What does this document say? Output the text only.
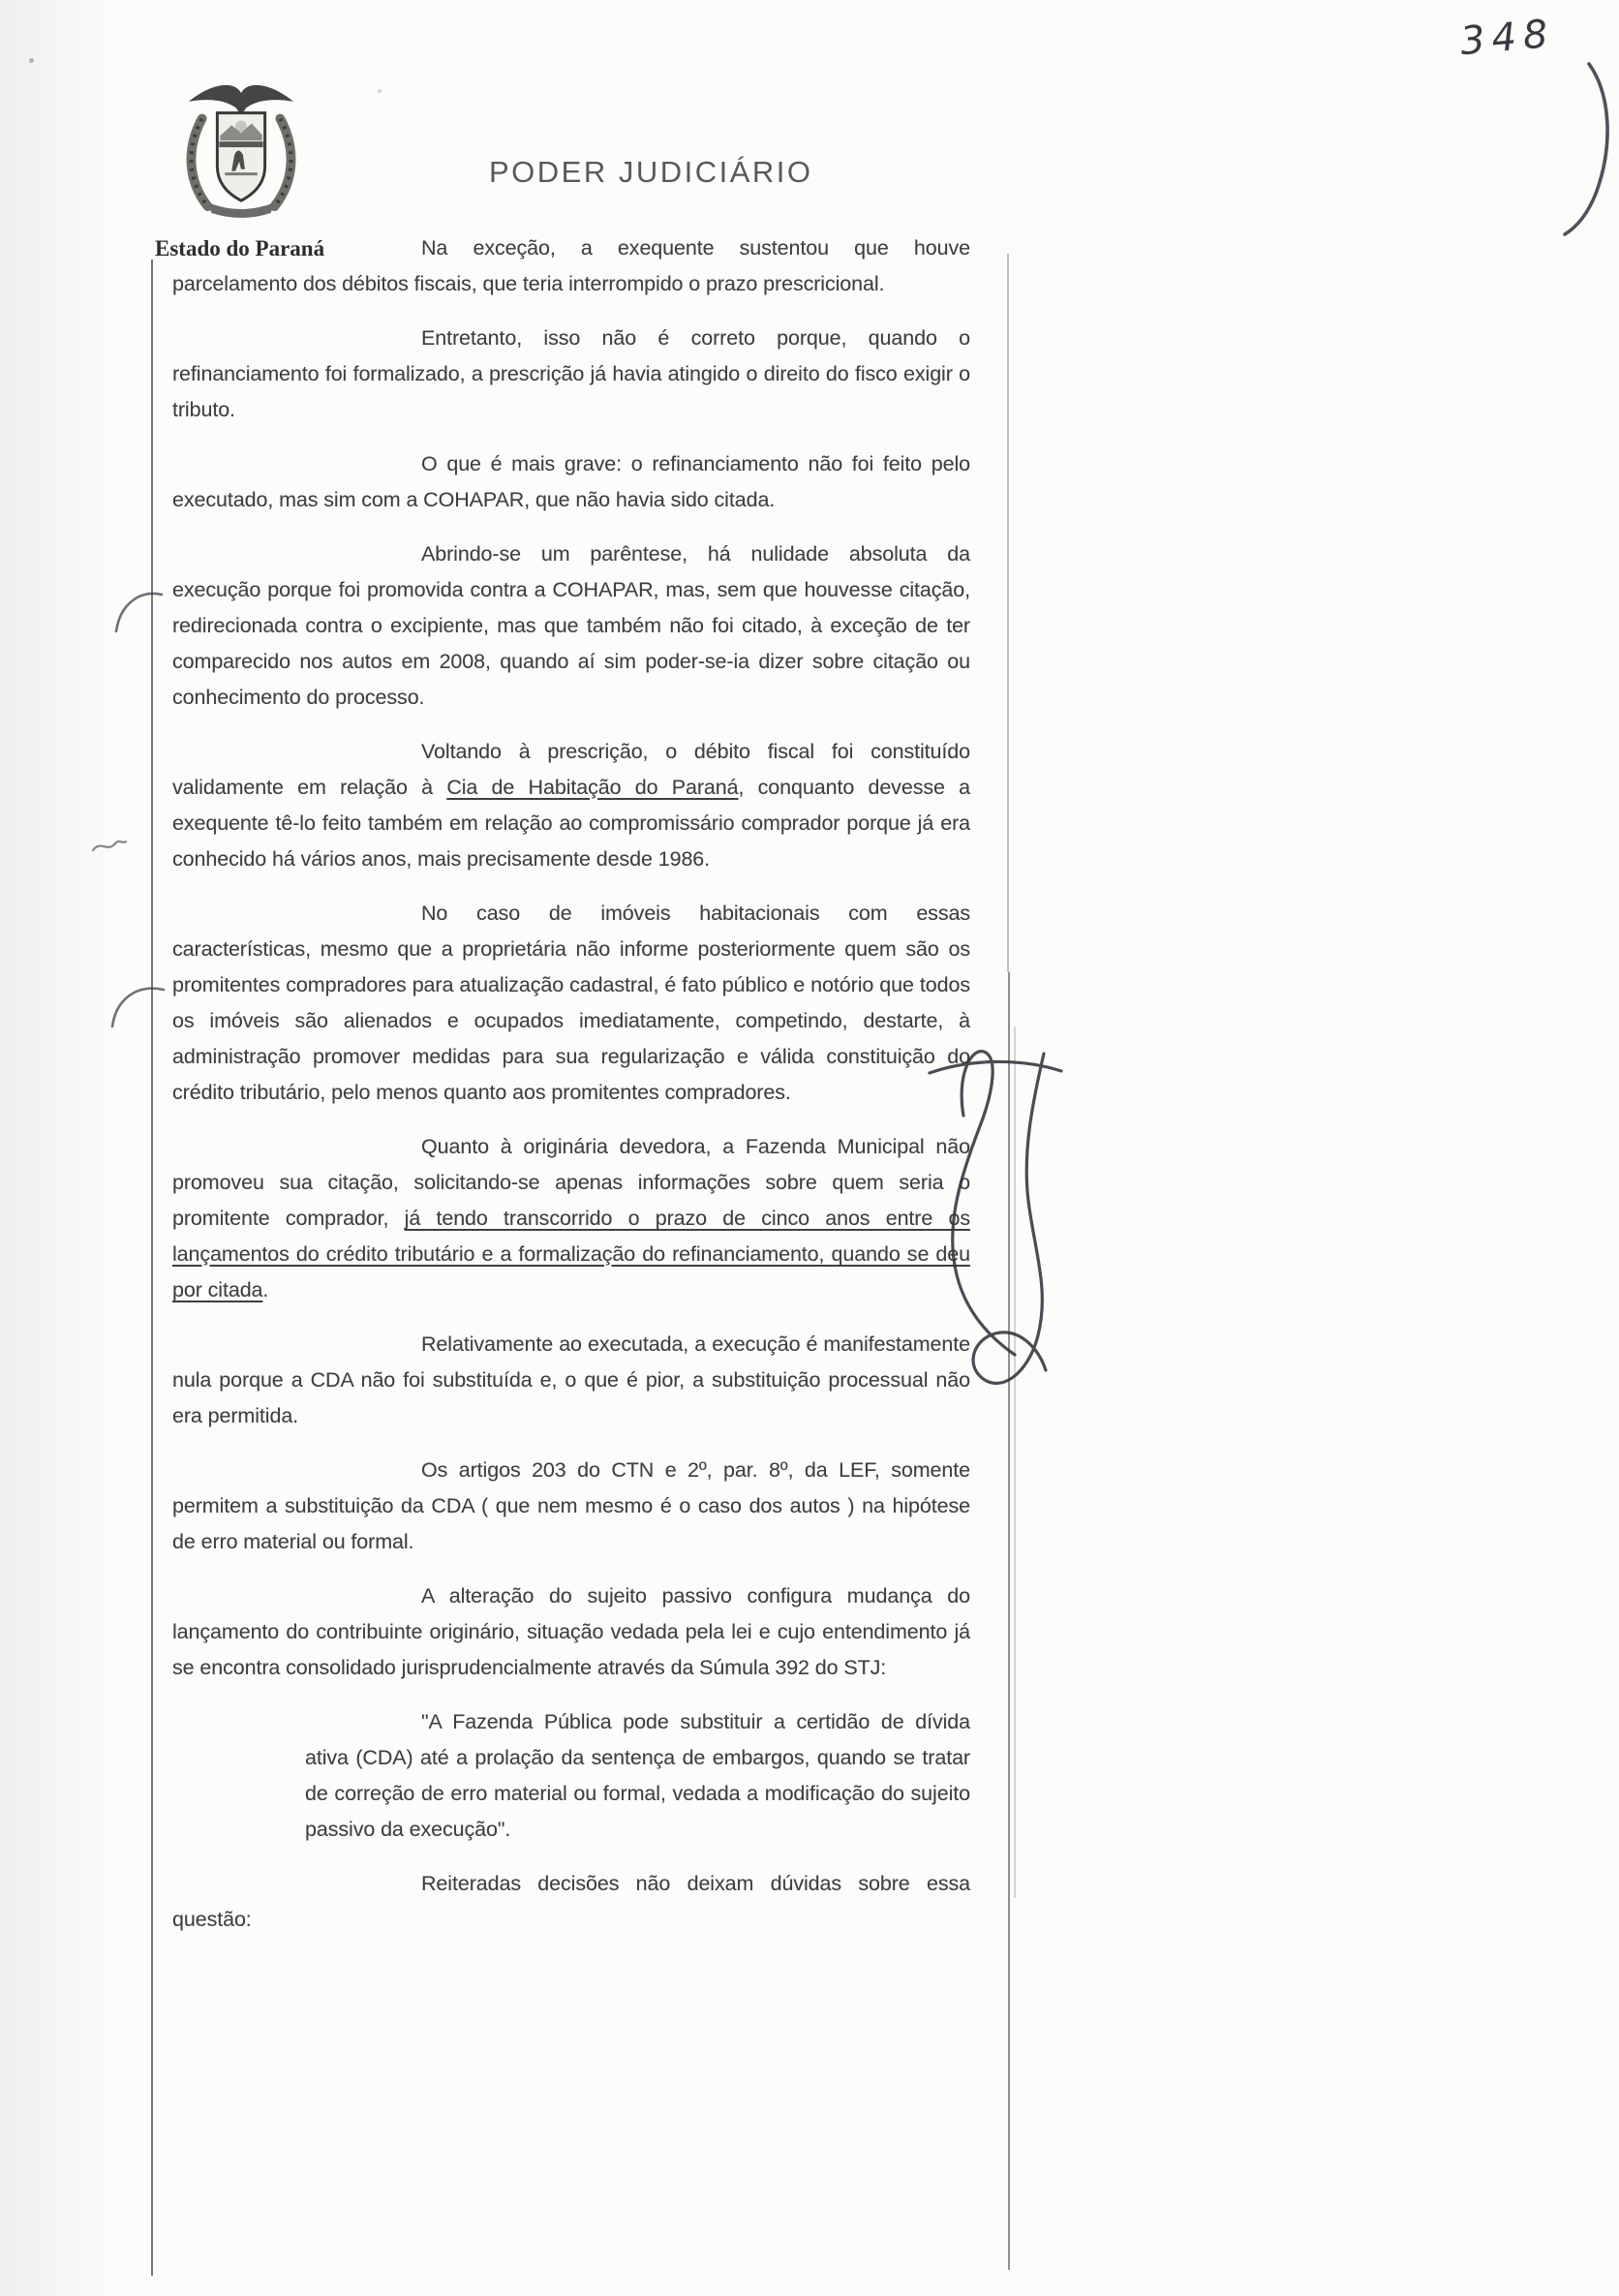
PODER JUDICIÁRIO
Estado do Paraná	Na exceção, a exequente sustentou que houve parcelamento dos débitos fiscais, que teria interrompido o prazo prescricional.

Entretanto, isso não é correto porque, quando o refinanciamento foi formalizado, a prescrição já havia atingido o direito do fisco exigir o tributo.

O que é mais grave: o refinanciamento não foi feito pelo executado, mas sim com a COHAPAR, que não havia sido citada.

Abrindo-se um parêntese, há nulidade absoluta da execução porque foi promovida contra a COHAPAR, mas, sem que houvesse citação, redirecionada contra o excipiente, mas que também não foi citado, à exceção de ter comparecido nos autos em 2008, quando aí sim poder-se-ia dizer sobre citação ou conhecimento do processo.

Voltando à prescrição, o débito fiscal foi constituído validamente em relação à Cia de Habitação do Paraná, conquanto devesse a exequente tê-lo feito também em relação ao compromissário comprador porque já era conhecido há vários anos, mais precisamente desde 1986.

No caso de imóveis habitacionais com essas características, mesmo que a proprietária não informe posteriormente quem são os promitentes compradores para atualização cadastral, é fato público e notório que todos os imóveis são alienados e ocupados imediatamente, competindo, destarte, à administração promover medidas para sua regularização e válida constituição do crédito tributário, pelo menos quanto aos promitentes compradores.

Quanto à originária devedora, a Fazenda Municipal não promoveu sua citação, solicitando-se apenas informações sobre quem seria o promitente comprador, já tendo transcorrido o prazo de cinco anos entre os lançamentos do crédito tributário e a formalização do refinanciamento, quando se deu por citada.

Relativamente ao executada, a execução é manifestamente nula porque a CDA não foi substituída e, o que é pior, a substituição processual não era permitida.

Os artigos 203 do CTN e 2º, par. 8º, da LEF, somente permitem a substituição da CDA ( que nem mesmo é o caso dos autos ) na hipótese de erro material ou formal.

A alteração do sujeito passivo configura mudança do lançamento do contribuinte originário, situação vedada pela lei e cujo entendimento já se encontra consolidado jurisprudencialmente através da Súmula 392 do STJ:

"A Fazenda Pública pode substituir a certidão de dívida ativa (CDA) até a prolação da sentença de embargos, quando se tratar de correção de erro material ou formal, vedada a modificação do sujeito passivo da execução".

Reiteradas decisões não deixam dúvidas sobre essa questão:

348
